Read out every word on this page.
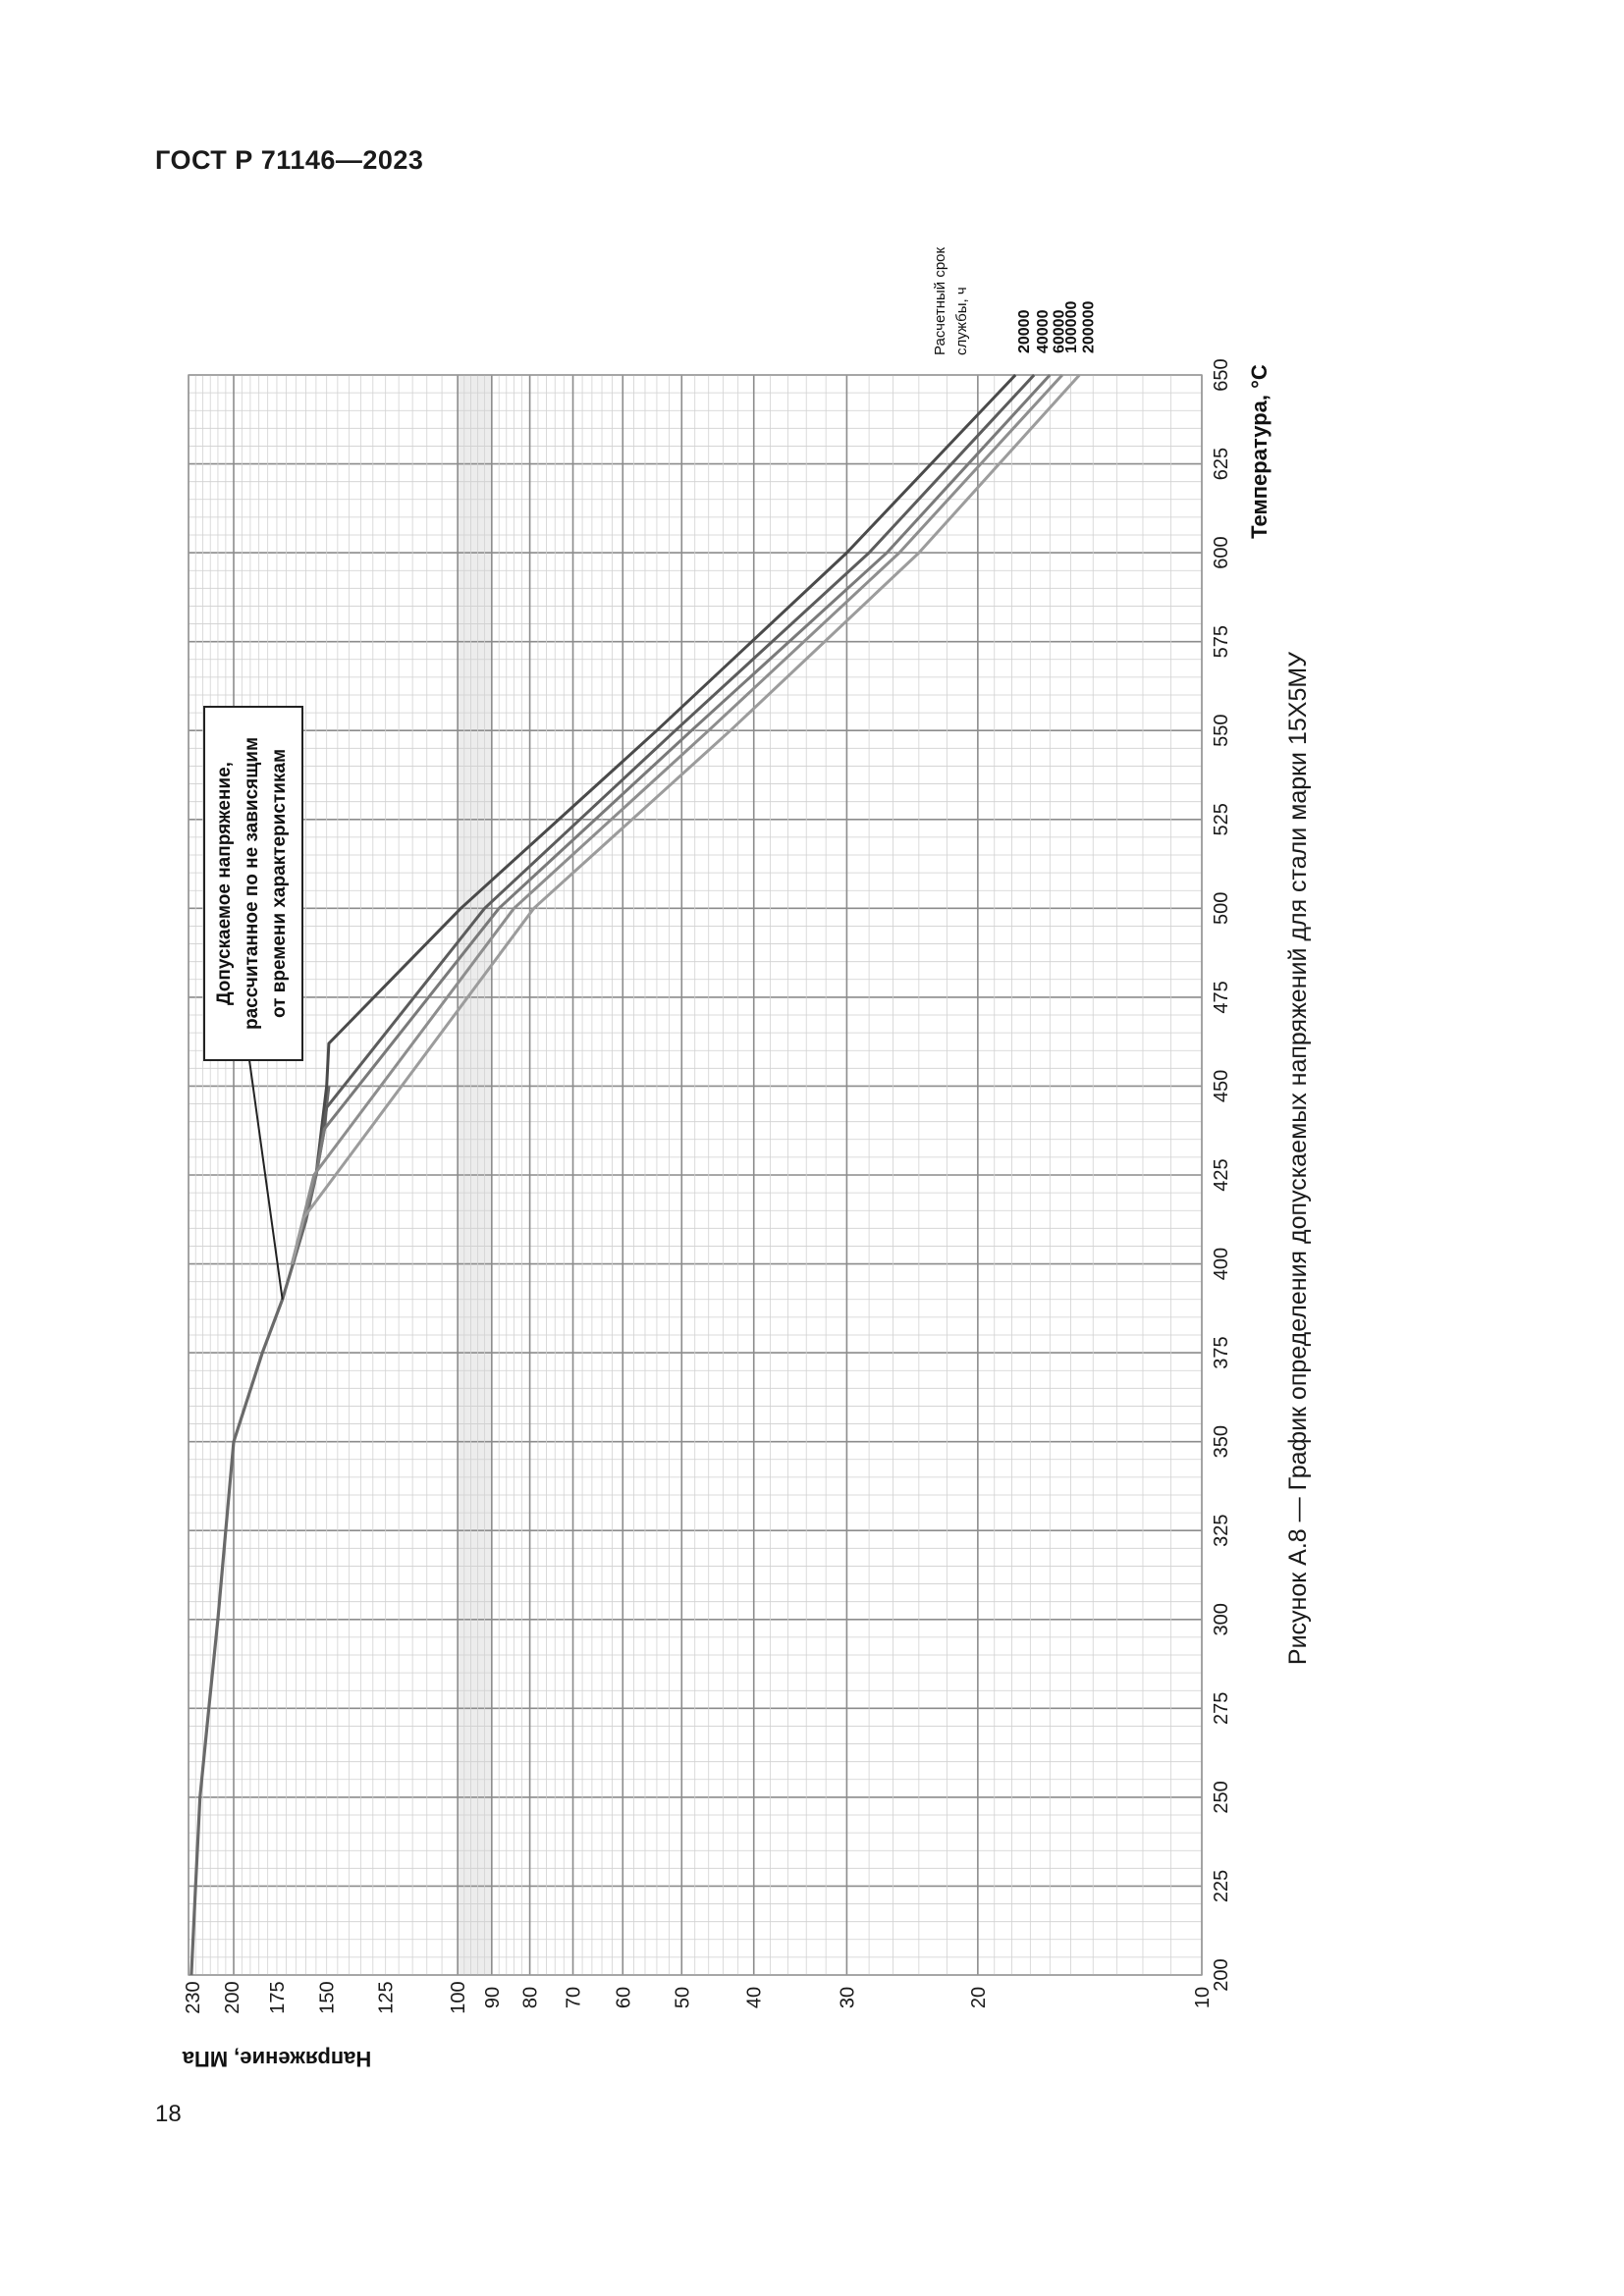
ГОСТ Р 71146—2023
Допускаемое напряжение, рассчитанное по не зависящим от времени характеристикам
20000 40000 60000
100000 200000
Расчетный срок службы, ч
200
225
250
275
300
325
350
375
400
425
450
475
500
525
550
575
600
625
650
230 200 175 150 125	100 90 80 70 60 50	40	30	20	10
Температура, °С
Напряжение, МПа
Рисунок А.8 — График определения допускаемых напряжений для стали марки 15Х5МУ
18
